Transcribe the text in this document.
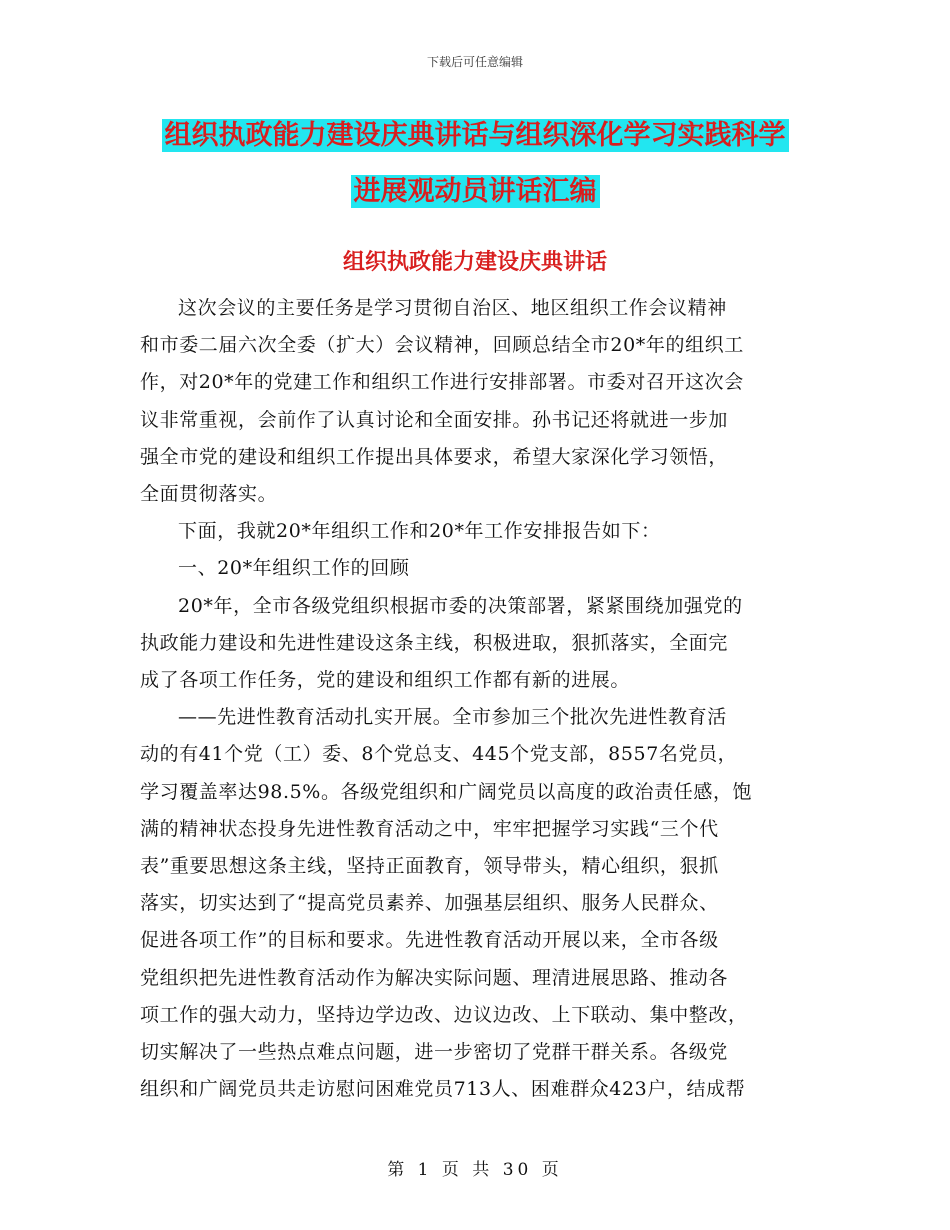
下载后可任意编辑
组织执政能力建设庆典讲话与组织深化学习实践科学
进展观动员讲话汇编
组织执政能力建设庆典讲话
这次会议的主要任务是学习贯彻自治区、地区组织工作会议精神
和市委二届六次全委（扩大）会议精神，回顾总结全市20*年的组织工
作，对20*年的党建工作和组织工作进行安排部署。市委对召开这次会
议非常重视，会前作了认真讨论和全面安排。孙书记还将就进一步加
强全市党的建设和组织工作提出具体要求，希望大家深化学习领悟，
全面贯彻落实。
下面，我就20*年组织工作和20*年工作安排报告如下：
一、20*年组织工作的回顾
20*年，全市各级党组织根据市委的决策部署，紧紧围绕加强党的
执政能力建设和先进性建设这条主线，积极进取，狠抓落实，全面完
成了各项工作任务，党的建设和组织工作都有新的进展。
——先进性教育活动扎实开展。全市参加三个批次先进性教育活
动的有41个党（工）委、8个党总支、445个党支部，8557名党员，
学习覆盖率达98.5%。各级党组织和广阔党员以高度的政治责任感，饱
满的精神状态投身先进性教育活动之中，牢牢把握学习实践“三个代
表”重要思想这条主线，坚持正面教育，领导带头，精心组织，狠抓
落实，切实达到了“提高党员素养、加强基层组织、服务人民群众、
促进各项工作”的目标和要求。先进性教育活动开展以来，全市各级
党组织把先进性教育活动作为解决实际问题、理清进展思路、推动各
项工作的强大动力，坚持边学边改、边议边改、上下联动、集中整改，
切实解决了一些热点难点问题，进一步密切了党群干群关系。各级党
组织和广阔党员共走访慰问困难党员713人、困难群众423户，结成帮
第 1 页 共 30 页
